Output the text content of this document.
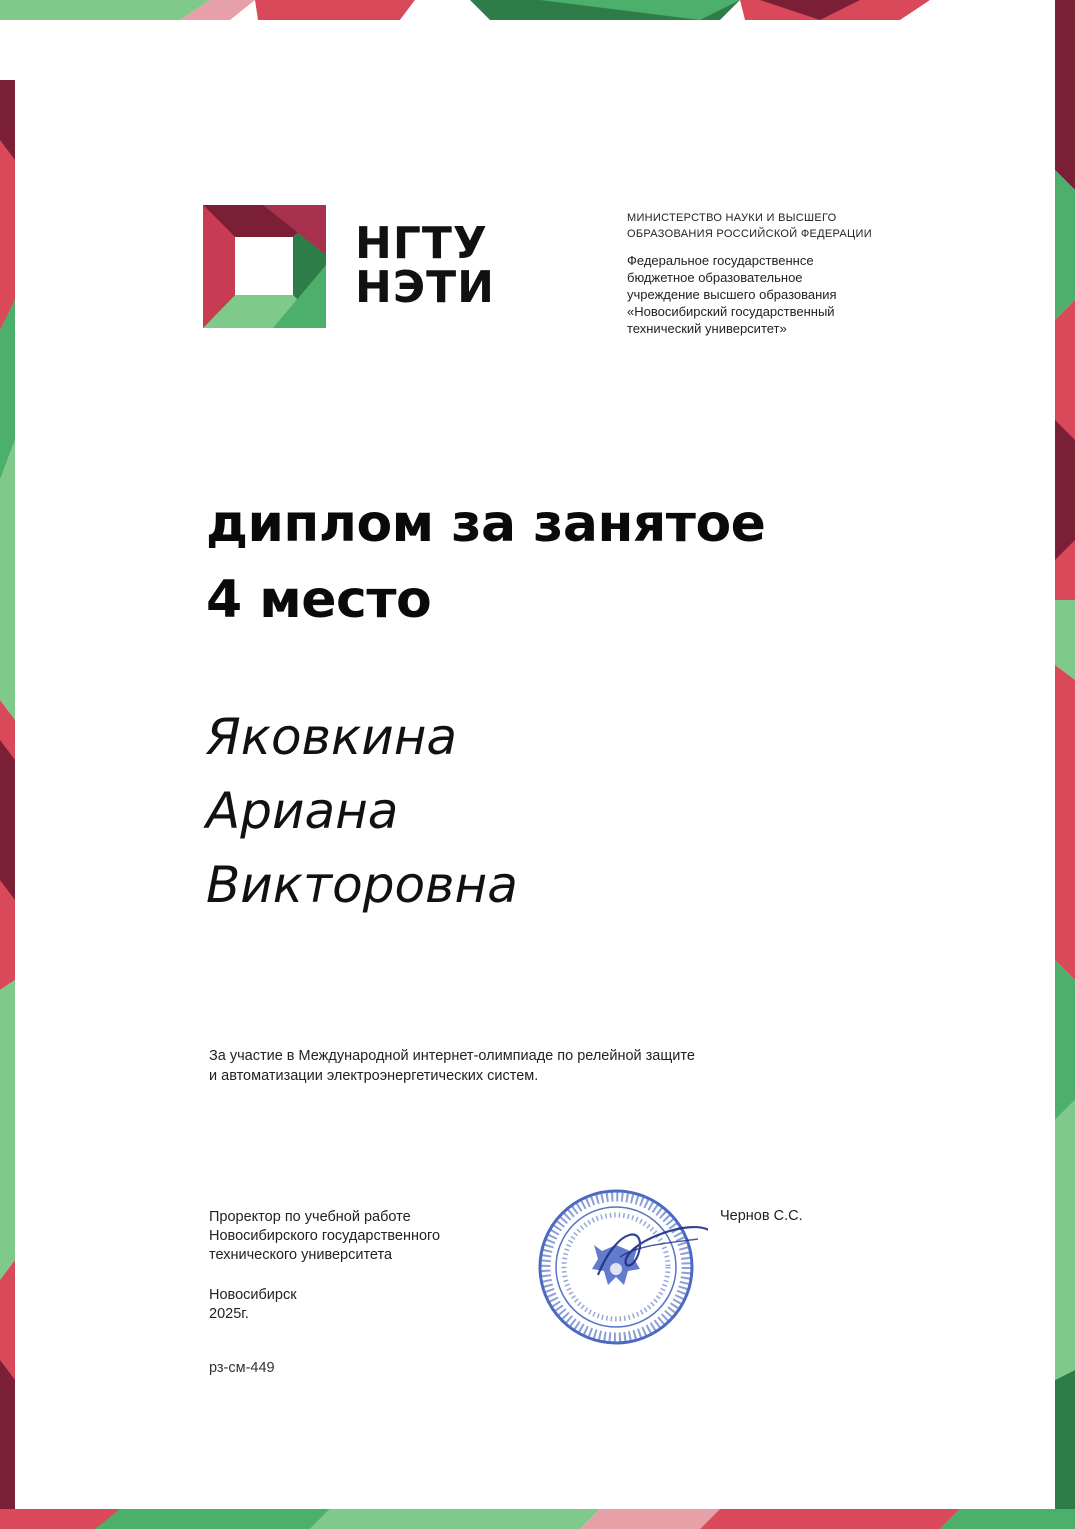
НГТУ
НЭТИ
МИНИСТЕРСТВО НАУКИ И ВЫСШЕГО
ОБРАЗОВАНИЯ РОССИЙСКОЙ ФЕДЕРАЦИИ
Федеральное государственнсе
бюджетное образовательное
учреждение высшего образования
«Новосибирский государственный
технический университет»
диплом за занятое
4 место
Яковкина
Ариана
Викторовна
За участие в Международной интернет-олимпиаде по релейной защите
и автоматизации электроэнергетических систем.
Проректор по учебной работе
Новосибирского государственного
технического университета
Новосибирск
2025г.
рз-см-449
Чернов С.С.
